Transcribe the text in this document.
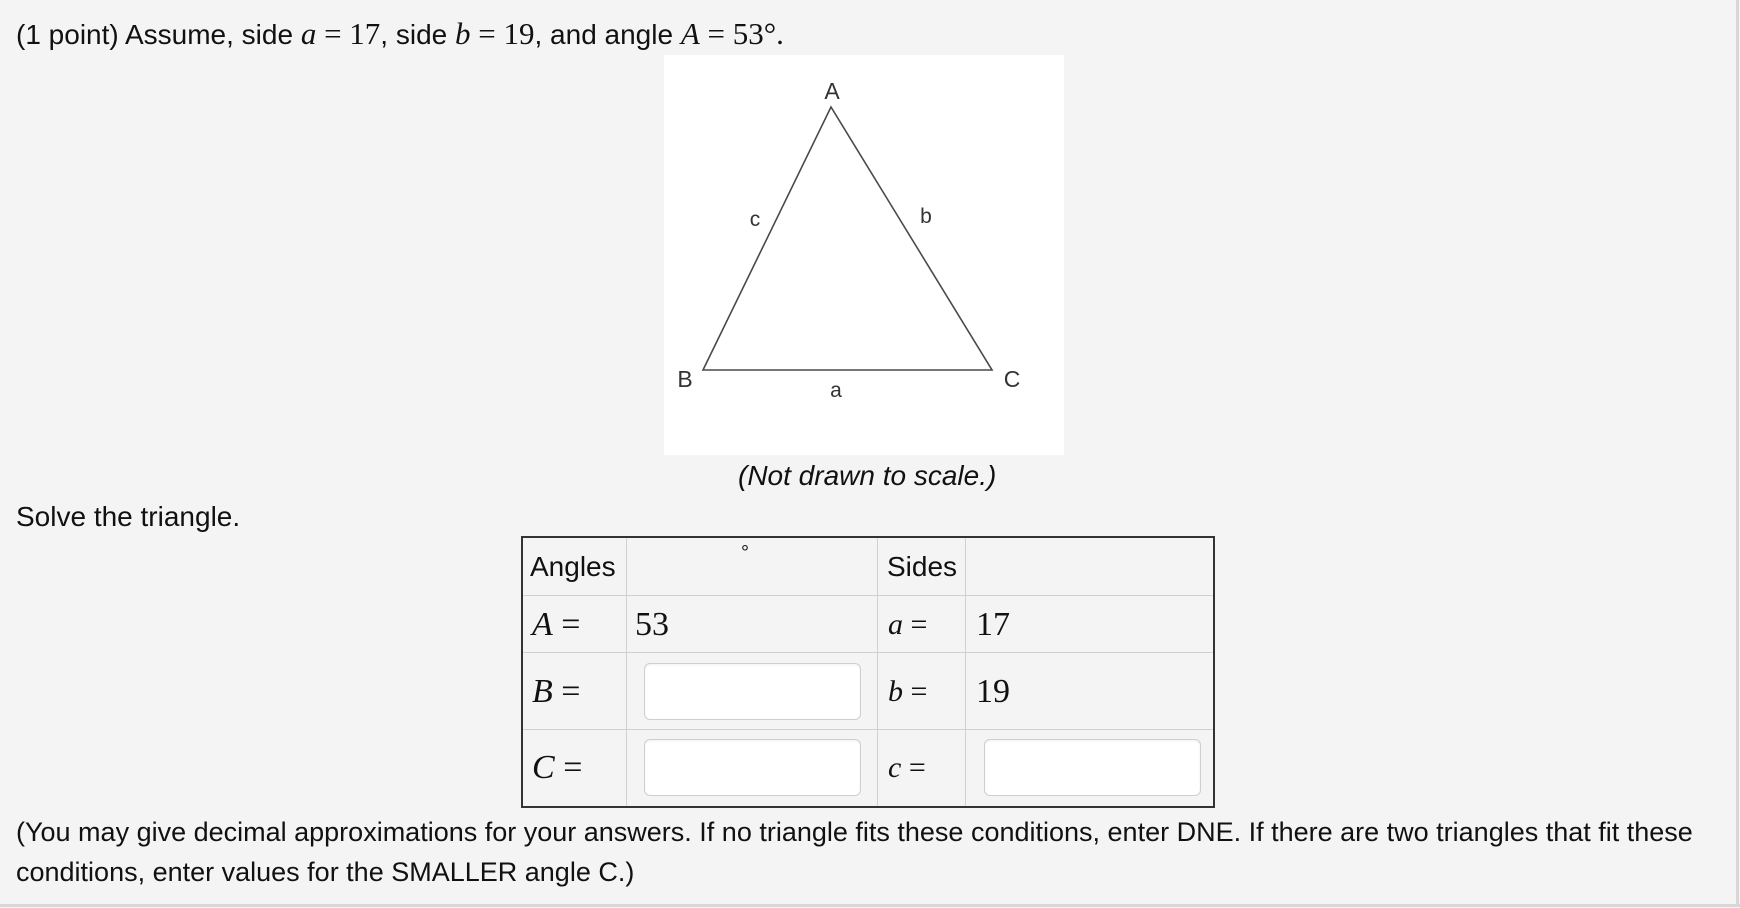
(1 point) Assume, side a = 17, side b = 19, and angle A = 53°.
A
B	C
c	b
a
(Not drawn to scale.)
Solve the triangle.
Angles	°	Sides
A = 53	a = 17
B =	b = 19
C =	c =
(You may give decimal approximations for your answers. If no triangle fits these conditions, enter DNE. If there are two triangles that fit these conditions, enter values for the SMALLER angle C.)
